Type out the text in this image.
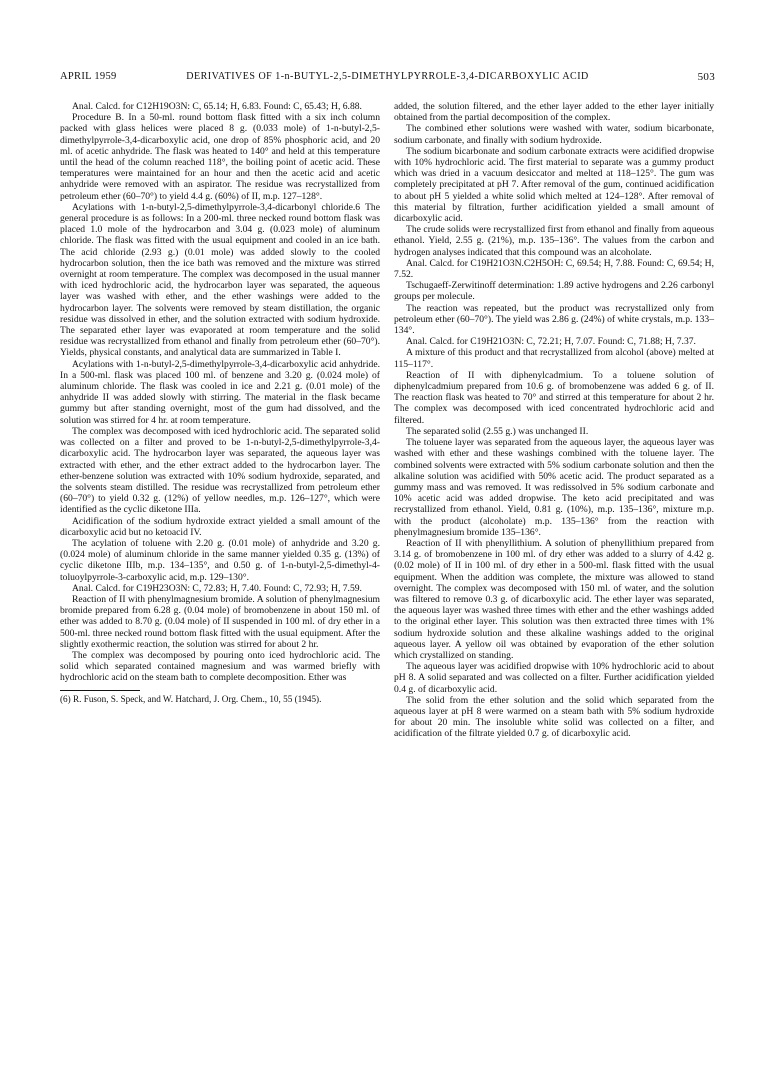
APRIL 1959	DERIVATIVES OF 1-n-BUTYL-2,5-DIMETHYLPYRROLE-3,4-DICARBOXYLIC ACID	503

Anal. Calcd. for C12H19O3N: C, 65.14; H, 6.83. Found: C, 65.43; H, 6.88.

Procedure B. In a 50-ml. round bottom flask fitted with a six inch column packed with glass helices were placed 8 g. (0.033 mole) of 1-n-butyl-2,5-dimethylpyrrole-3,4-dicarboxylic acid, one drop of 85% phosphoric acid, and 20 ml. of acetic anhydride. The flask was heated to 140° and held at this temperature until the head of the column reached 118°, the boiling point of acetic acid. These temperatures were maintained for an hour and then the acetic acid and acetic anhydride were removed with an aspirator. The residue was recrystallized from petroleum ether (60–70°) to yield 4.4 g. (60%) of II, m.p. 127–128°.

Acylations with 1-n-butyl-2,5-dimethylpyrrole-3,4-dicarbonyl chloride.6 The general procedure is as follows: In a 200-ml. three necked round bottom flask was placed 1.0 mole of the hydrocarbon and 3.04 g. (0.023 mole) of aluminum chloride. The flask was fitted with the usual equipment and cooled in an ice bath. The acid chloride (2.93 g.) (0.01 mole) was added slowly to the cooled hydrocarbon solution, then the ice bath was removed and the mixture was stirred overnight at room temperature. The complex was decomposed in the usual manner with iced hydrochloric acid, the hydrocarbon layer was separated, the aqueous layer was washed with ether, and the ether washings were added to the hydrocarbon layer. The solvents were removed by steam distillation, the organic residue was dissolved in ether, and the solution extracted with sodium hydroxide. The separated ether layer was evaporated at room temperature and the solid residue was recrystallized from ethanol and finally from petroleum ether (60–70°). Yields, physical constants, and analytical data are summarized in Table I.

Acylations with 1-n-butyl-2,5-dimethylpyrrole-3,4-dicarboxylic acid anhydride. In a 500-ml. flask was placed 100 ml. of benzene and 3.20 g. (0.024 mole) of aluminum chloride. The flask was cooled in ice and 2.21 g. (0.01 mole) of the anhydride II was added slowly with stirring. The material in the flask became gummy but after standing overnight, most of the gum had dissolved, and the solution was stirred for 4 hr. at room temperature.

The complex was decomposed with iced hydrochloric acid. The separated solid was collected on a filter and proved to be 1-n-butyl-2,5-dimethylpyrrole-3,4-dicarboxylic acid. The hydrocarbon layer was separated, the aqueous layer was extracted with ether, and the ether extract added to the hydrocarbon layer. The ether-benzene solution was extracted with 10% sodium hydroxide, separated, and the solvents steam distilled. The residue was recrystallized from petroleum ether (60–70°) to yield 0.32 g. (12%) of yellow needles, m.p. 126–127°, which were identified as the cyclic diketone IIIa.

Acidification of the sodium hydroxide extract yielded a small amount of the dicarboxylic acid but no ketoacid IV.

The acylation of toluene with 2.20 g. (0.01 mole) of anhydride and 3.20 g. (0.024 mole) of aluminum chloride in the same manner yielded 0.35 g. (13%) of cyclic diketone IIIb, m.p. 134–135°, and 0.50 g. of 1-n-butyl-2,5-dimethyl-4-toluoylpyrrole-3-carboxylic acid, m.p. 129–130°.

Anal. Calcd. for C19H23O3N: C, 72.83; H, 7.40. Found: C, 72.93; H, 7.59.

Reaction of II with phenylmagnesium bromide. A solution of phenylmagnesium bromide prepared from 6.28 g. (0.04 mole) of bromobenzene in about 150 ml. of ether was added to 8.70 g. (0.04 mole) of II suspended in 100 ml. of dry ether in a 500-ml. three necked round bottom flask fitted with the usual equipment. After the slightly exothermic reaction, the solution was stirred for about 2 hr.

The complex was decomposed by pouring onto iced hydrochloric acid. The solid which separated contained magnesium and was warmed briefly with hydrochloric acid on the steam bath to complete decomposition. Ether was

(6) R. Fuson, S. Speck, and W. Hatchard, J. Org. Chem., 10, 55 (1945).

added, the solution filtered, and the ether layer added to the ether layer initially obtained from the partial decomposition of the complex.

The combined ether solutions were washed with water, sodium bicarbonate, sodium carbonate, and finally with sodium hydroxide.

The sodium bicarbonate and sodium carbonate extracts were acidified dropwise with 10% hydrochloric acid. The first material to separate was a gummy product which was dried in a vacuum desiccator and melted at 118–125°. The gum was completely precipitated at pH 7. After removal of the gum, continued acidification to about pH 5 yielded a white solid which melted at 124–128°. After removal of this material by filtration, further acidification yielded a small amount of dicarboxylic acid.

The crude solids were recrystallized first from ethanol and finally from aqueous ethanol. Yield, 2.55 g. (21%), m.p. 135–136°. The values from the carbon and hydrogen analyses indicated that this compound was an alcoholate.

Anal. Calcd. for C19H21O3N.C2H5OH: C, 69.54; H, 7.88. Found: C, 69.54; H, 7.52.

Tschugaeff-Zerwitinoff determination: 1.89 active hydrogens and 2.26 carbonyl groups per molecule.

The reaction was repeated, but the product was recrystallized only from petroleum ether (60–70°). The yield was 2.86 g. (24%) of white crystals, m.p. 133–134°.

Anal. Calcd. for C19H21O3N: C, 72.21; H, 7.07. Found: C, 71.88; H, 7.37.

A mixture of this product and that recrystallized from alcohol (above) melted at 115–117°.

Reaction of II with diphenylcadmium. To a toluene solution of diphenylcadmium prepared from 10.6 g. of bromobenzene was added 6 g. of II. The reaction flask was heated to 70° and stirred at this temperature for about 2 hr. The complex was decomposed with iced concentrated hydrochloric acid and filtered.

The separated solid (2.55 g.) was unchanged II.

The toluene layer was separated from the aqueous layer, the aqueous layer was washed with ether and these washings combined with the toluene layer. The combined solvents were extracted with 5% sodium carbonate solution and then the alkaline solution was acidified with 50% acetic acid. The product separated as a gummy mass and was removed. It was redissolved in 5% sodium carbonate and 10% acetic acid was added dropwise. The keto acid precipitated and was recrystallized from ethanol. Yield, 0.81 g. (10%), m.p. 135–136°, mixture m.p. with the product (alcoholate) m.p. 135–136° from the reaction with phenylmagnesium bromide 135–136°.

Reaction of II with phenyllithium. A solution of phenyllithium prepared from 3.14 g. of bromobenzene in 100 ml. of dry ether was added to a slurry of 4.42 g. (0.02 mole) of II in 100 ml. of dry ether in a 500-ml. flask fitted with the usual equipment. When the addition was complete, the mixture was allowed to stand overnight. The complex was decomposed with 150 ml. of water, and the solution was filtered to remove 0.3 g. of dicarboxylic acid. The ether layer was separated, the aqueous layer was washed three times with ether and the ether washings added to the original ether layer. This solution was then extracted three times with 1% sodium hydroxide solution and these alkaline washings added to the original aqueous layer. A yellow oil was obtained by evaporation of the ether solution which crystallized on standing.

The aqueous layer was acidified dropwise with 10% hydrochloric acid to about pH 8. A solid separated and was collected on a filter. Further acidification yielded 0.4 g. of dicarboxylic acid.

The solid from the ether solution and the solid which separated from the aqueous layer at pH 8 were warmed on a steam bath with 5% sodium hydroxide for about 20 min. The insoluble white solid was collected on a filter, and acidification of the filtrate yielded 0.7 g. of dicarboxylic acid.
